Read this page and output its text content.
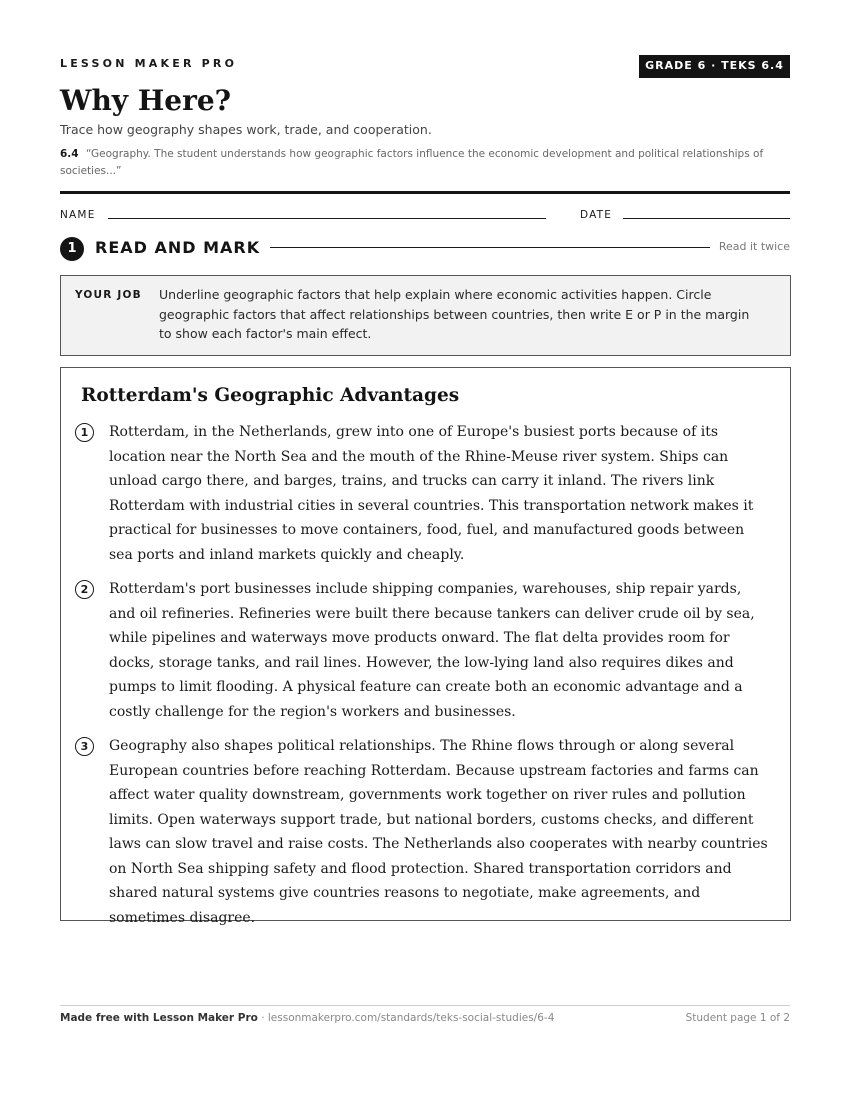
LESSON MAKER PRO	GRADE 6 · TEKS 6.4
Why Here?
Trace how geography shapes work, trade, and cooperation.
6.4 “Geography. The student understands how geographic factors influence the economic development and political relationships of societies...”
NAME	DATE
1	READ AND MARK	Read it twice
YOUR JOB Underline geographic factors that help explain where economic activities happen. Circle geographic factors that affect relationships between countries, then write E or P in the margin to show each factor's main effect.
Rotterdam's Geographic Advantages
1	Rotterdam, in the Netherlands, grew into one of Europe's busiest ports because of its location near the North Sea and the mouth of the Rhine-Meuse river system. Ships can unload cargo there, and barges, trains, and trucks can carry it inland. The rivers link Rotterdam with industrial cities in several countries. This transportation network makes it practical for businesses to move containers, food, fuel, and manufactured goods between sea ports and inland markets quickly and cheaply.
2	Rotterdam's port businesses include shipping companies, warehouses, ship repair yards, and oil refineries. Refineries were built there because tankers can deliver crude oil by sea, while pipelines and waterways move products onward. The flat delta provides room for docks, storage tanks, and rail lines. However, the low-lying land also requires dikes and pumps to limit flooding. A physical feature can create both an economic advantage and a costly challenge for the region's workers and businesses.
3	Geography also shapes political relationships. The Rhine flows through or along several European countries before reaching Rotterdam. Because upstream factories and farms can affect water quality downstream, governments work together on river rules and pollution limits. Open waterways support trade, but national borders, customs checks, and different laws can slow travel and raise costs. The Netherlands also cooperates with nearby countries on North Sea shipping safety and flood protection. Shared transportation corridors and shared natural systems give countries reasons to negotiate, make agreements, and sometimes disagree.
Made free with Lesson Maker Pro · lessonmakerpro.com/standards/teks-social-studies/6-4	Student page 1 of 2
